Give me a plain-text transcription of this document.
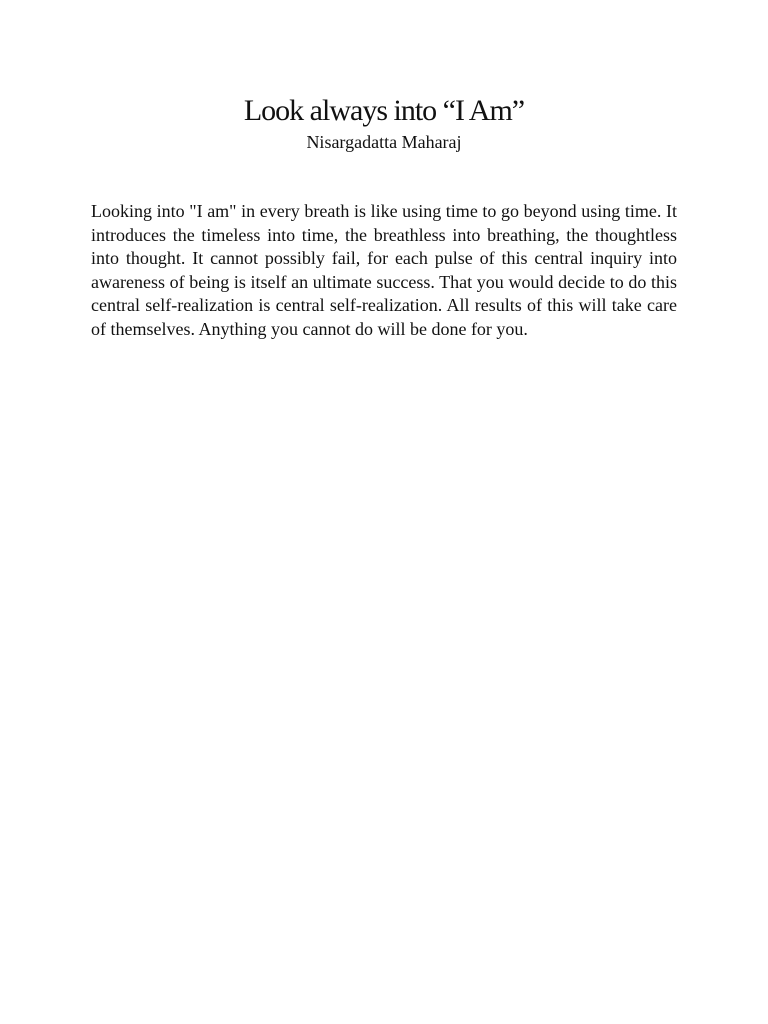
Look always into “I Am”

Nisargadatta Maharaj

Looking into "I am" in every breath is like using time to go beyond using time. It introduces the timeless into time, the breathless into breathing, the thoughtless into thought. It cannot possibly fail, for each pulse of this central inquiry into awareness of being is itself an ultimate success. That you would decide to do this central self-realization is central self-realization. All results of this will take care of themselves. Anything you cannot do will be done for you.
